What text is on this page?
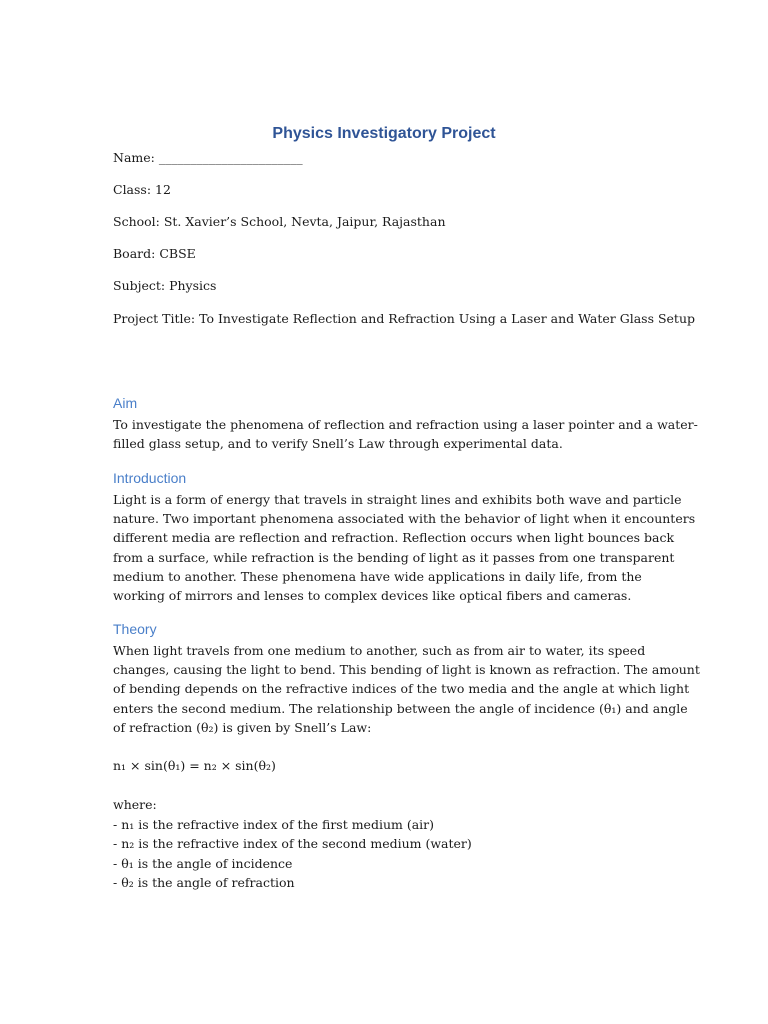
Physics Investigatory Project
Name: _______________________
Class: 12
School: St. Xavier’s School, Nevta, Jaipur, Rajasthan
Board: CBSE
Subject: Physics
Project Title: To Investigate Reflection and Refraction Using a Laser and Water Glass Setup
Aim
To investigate the phenomena of reflection and refraction using a laser pointer and a water-
filled glass setup, and to verify Snell’s Law through experimental data.
Introduction
Light is a form of energy that travels in straight lines and exhibits both wave and particle
nature. Two important phenomena associated with the behavior of light when it encounters
different media are reflection and refraction. Reflection occurs when light bounces back
from a surface, while refraction is the bending of light as it passes from one transparent
medium to another. These phenomena have wide applications in daily life, from the
working of mirrors and lenses to complex devices like optical fibers and cameras.
Theory
When light travels from one medium to another, such as from air to water, its speed
changes, causing the light to bend. This bending of light is known as refraction. The amount
of bending depends on the refractive indices of the two media and the angle at which light
enters the second medium. The relationship between the angle of incidence (θ₁) and angle
of refraction (θ₂) is given by Snell’s Law:
n₁ × sin(θ₁) = n₂ × sin(θ₂)
where:
- n₁ is the refractive index of the first medium (air)
- n₂ is the refractive index of the second medium (water)
- θ₁ is the angle of incidence
- θ₂ is the angle of refraction
